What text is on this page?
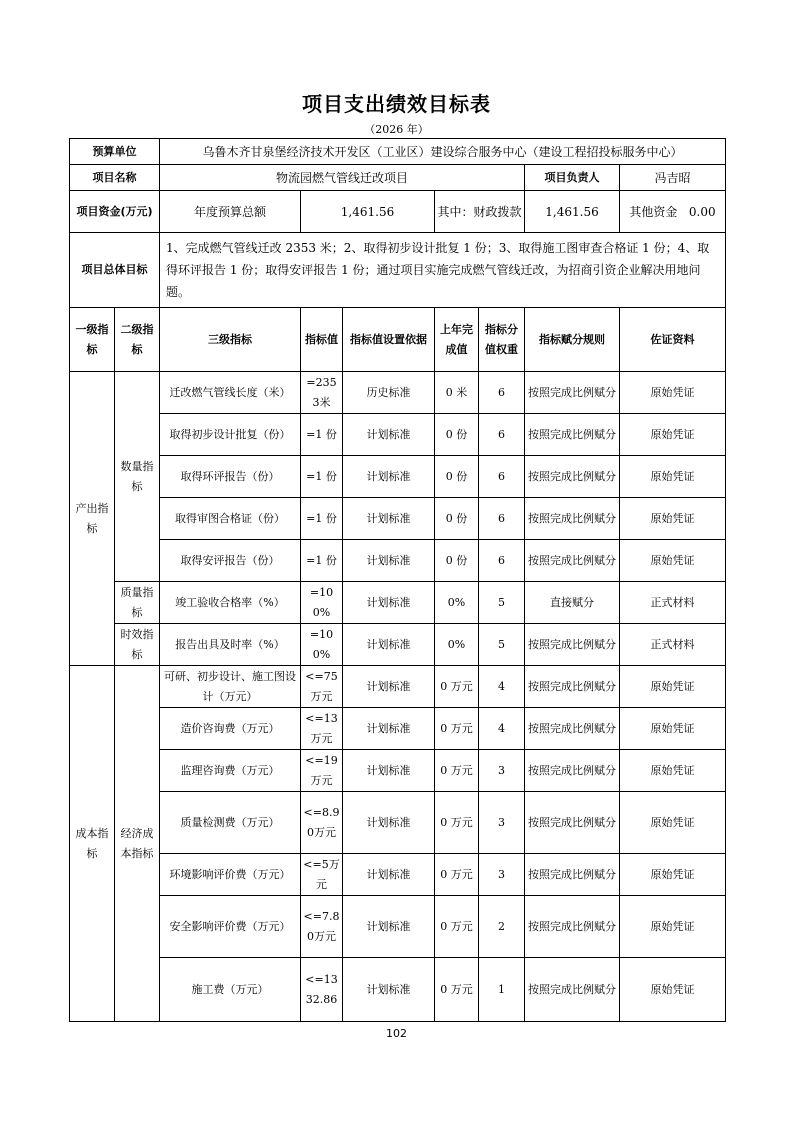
项目支出绩效目标表
（2026 年）
预算单位		乌鲁木齐甘泉堡经济技术开发区（工业区）建设综合服务中心（建设工程招投标服务中心）						
项目名称		物流园燃气管线迁改项目					项目负责人	冯吉昭
项目资金(万元)		年度预算总额	1,461.56		其中：财政拨款		1,461.56	其他资金 0.00
项目总体目标		1、完成燃气管线迁改 2353 米；2、取得初步设计批复 1 份；3、取得施工图审查合格证 1 份；4、取得环评报告 1 份；取得安评报告 1 份；通过项目实施完成燃气管线迁改，为招商引资企业解决用地问题。						
一级指标	二级指标	三级指标	指标值	指标值设置依据	上年完成值	指标分值权重	指标赋分规则	佐证资料
产出指标	数量指标	迁改燃气管线长度（米）	=2353米	历史标准	0 米	6	按照完成比例赋分	原始凭证
		取得初步设计批复（份）	=1 份	计划标准	0 份	6	按照完成比例赋分	原始凭证
		取得环评报告（份）	=1 份	计划标准	0 份	6	按照完成比例赋分	原始凭证
		取得审图合格证（份）	=1 份	计划标准	0 份	6	按照完成比例赋分	原始凭证
		取得安评报告（份）	=1 份	计划标准	0 份	6	按照完成比例赋分	原始凭证
	质量指标	竣工验收合格率（%）	=100%	计划标准	0%	5	直接赋分	正式材料
	时效指标	报告出具及时率（%）	=100%	计划标准	0%	5	按照完成比例赋分	正式材料
成本指标	经济成本指标	可研、初步设计、施工图设计（万元）	<=75万元	计划标准	0 万元	4	按照完成比例赋分	原始凭证
		造价咨询费（万元）	<=13万元	计划标准	0 万元	4	按照完成比例赋分	原始凭证
		监理咨询费（万元）	<=19万元	计划标准	0 万元	3	按照完成比例赋分	原始凭证
		质量检测费（万元）	<=8.90万元	计划标准	0 万元	3	按照完成比例赋分	原始凭证
		环境影响评价费（万元）	<=5万元	计划标准	0 万元	3	按照完成比例赋分	原始凭证
		安全影响评价费（万元）	<=7.80万元	计划标准	0 万元	2	按照完成比例赋分	原始凭证
		施工费（万元）	<=1332.86	计划标准	0 万元	1	按照完成比例赋分	原始凭证
102
